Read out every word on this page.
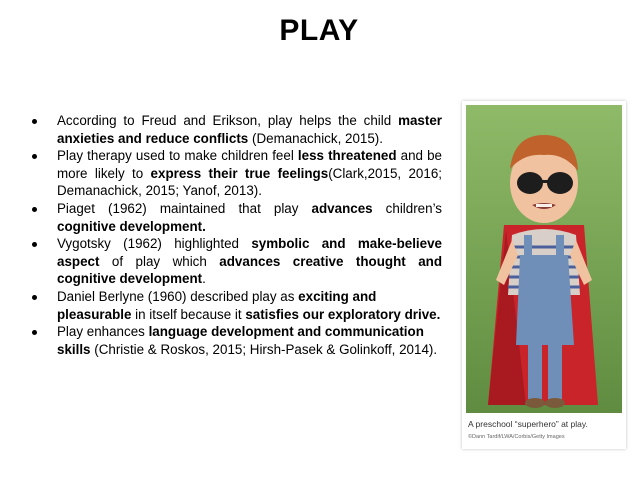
PLAY
According to Freud and Erikson, play helps the child master anxieties and reduce conflicts (Demanachick, 2015).
Play therapy used to make children feel less threatened and be more likely to express their true feelings(Clark,2015, 2016; Demanachick, 2015; Yanof, 2013).
Piaget (1962) maintained that play advances children’s cognitive development.
Vygotsky (1962) highlighted symbolic and make-believe aspect of play which advances creative thought and cognitive development.
Daniel Berlyne (1960) described play as exciting and pleasurable in itself because it satisfies our exploratory drive.
Play enhances language development and communication skills (Christie & Roskos, 2015; Hirsh-Pasek & Golinkoff, 2014).
A preschool “superhero” at play.
©Dann Tardif/LWA/Corbis/Getty Images
